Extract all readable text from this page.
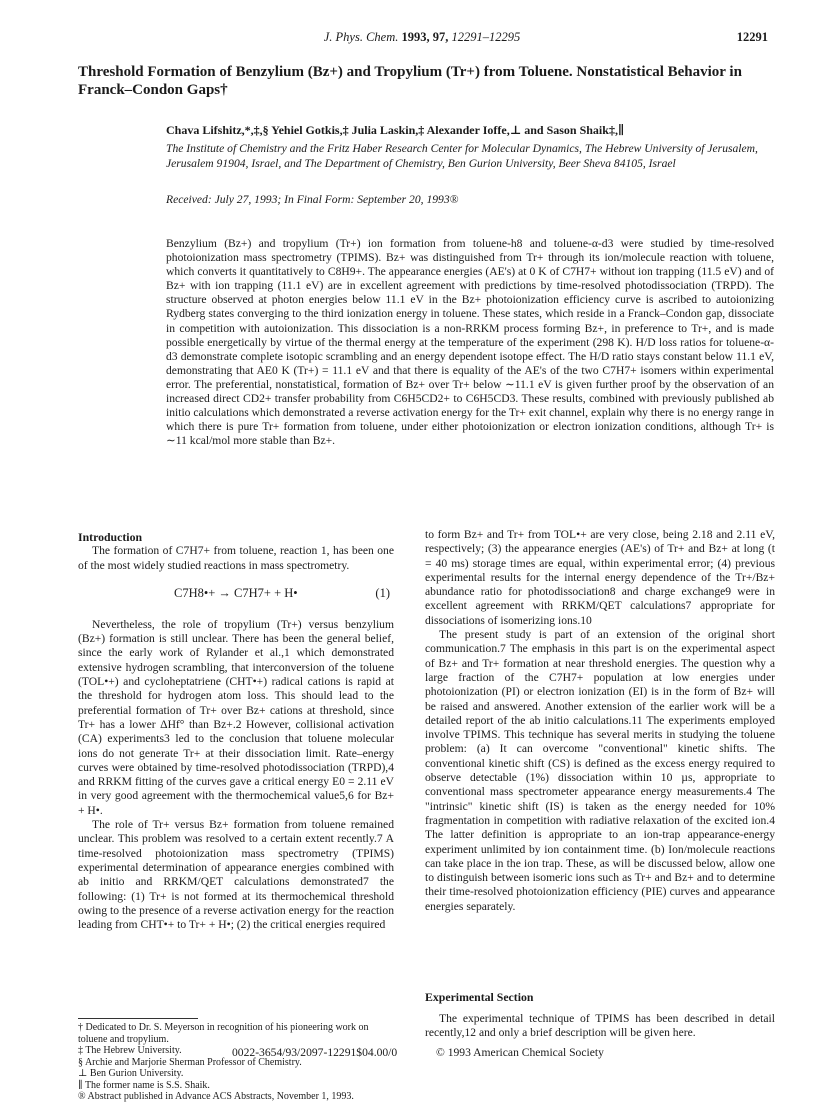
J. Phys. Chem. 1993, 97, 12291–12295	12291
Threshold Formation of Benzylium (Bz+) and Tropylium (Tr+) from Toluene. Nonstatistical Behavior in Franck–Condon Gaps†
Chava Lifshitz,*,‡,§ Yehiel Gotkis,‡ Julia Laskin,‡ Alexander Ioffe,⊥ and Sason Shaik‡,∥
The Institute of Chemistry and the Fritz Haber Research Center for Molecular Dynamics, The Hebrew University of Jerusalem, Jerusalem 91904, Israel, and The Department of Chemistry, Ben Gurion University, Beer Sheva 84105, Israel
Received: July 27, 1993; In Final Form: September 20, 1993®
Benzylium (Bz+) and tropylium (Tr+) ion formation from toluene-h8 and toluene-α-d3 were studied by time-resolved photoionization mass spectrometry (TPIMS). Bz+ was distinguished from Tr+ through its ion/molecule reaction with toluene, which converts it quantitatively to C8H9+. The appearance energies (AE's) at 0 K of C7H7+ without ion trapping (11.5 eV) and of Bz+ with ion trapping (11.1 eV) are in excellent agreement with predictions by time-resolved photodissociation (TRPD). The structure observed at photon energies below 11.1 eV in the Bz+ photoionization efficiency curve is ascribed to autoionizing Rydberg states converging to the third ionization energy in toluene. These states, which reside in a Franck–Condon gap, dissociate in competition with autoionization. This dissociation is a non-RRKM process forming Bz+, in preference to Tr+, and is made possible energetically by virtue of the thermal energy at the temperature of the experiment (298 K). H/D loss ratios for toluene-α-d3 demonstrate complete isotopic scrambling and an energy dependent isotope effect. The H/D ratio stays constant below 11.1 eV, demonstrating that AE0 K (Tr+) = 11.1 eV and that there is equality of the AE's of the two C7H7+ isomers within experimental error. The preferential, nonstatistical, formation of Bz+ over Tr+ below ∼11.1 eV is given further proof by the observation of an increased direct CD2+ transfer probability from C6H5CD2+ to C6H5CD3. These results, combined with previously published ab initio calculations which demonstrated a reverse activation energy for the Tr+ exit channel, explain why there is no energy range in which there is pure Tr+ formation from toluene, under either photoionization or electron ionization conditions, although Tr+ is ∼11 kcal/mol more stable than Bz+.

Introduction

The formation of C7H7+ from toluene, reaction 1, has been one of the most widely studied reactions in mass spectrometry.

C7H8•+ → C7H7+ + H•	(1)

Nevertheless, the role of tropylium (Tr+) versus benzylium (Bz+) formation is still unclear. There has been the general belief, since the early work of Rylander et al.,1 which demonstrated extensive hydrogen scrambling, that interconversion of the toluene (TOL•+) and cycloheptatriene (CHT•+) radical cations is rapid at the threshold for hydrogen atom loss. This should lead to the preferential formation of Tr+ over Bz+ cations at threshold, since Tr+ has a lower ΔHf° than Bz+.2 However, collisional activation (CA) experiments3 led to the conclusion that toluene molecular ions do not generate Tr+ at their dissociation limit. Rate–energy curves were obtained by time-resolved photodissociation (TRPD),4 and RRKM fitting of the curves gave a critical energy E0 = 2.11 eV in very good agreement with the thermochemical value5,6 for Bz+ + H•.

The role of Tr+ versus Bz+ formation from toluene remained unclear. This problem was resolved to a certain extent recently.7 A time-resolved photoionization mass spectrometry (TPIMS) experimental determination of appearance energies combined with ab initio and RRKM/QET calculations demonstrated7 the following: (1) Tr+ is not formed at its thermochemical threshold owing to the presence of a reverse activation energy for the reaction leading from CHT•+ to Tr+ + H•; (2) the critical energies required

† Dedicated to Dr. S. Meyerson in recognition of his pioneering work on toluene and tropylium.
‡ The Hebrew University.
§ Archie and Marjorie Sherman Professor of Chemistry.
⊥ Ben Gurion University.
∥ The former name is S.S. Shaik.
® Abstract published in Advance ACS Abstracts, November 1, 1993.

to form Bz+ and Tr+ from TOL•+ are very close, being 2.18 and 2.11 eV, respectively; (3) the appearance energies (AE's) of Tr+ and Bz+ at long (t = 40 ms) storage times are equal, within experimental error; (4) previous experimental results for the internal energy dependence of the Tr+/Bz+ abundance ratio for photodissociation8 and charge exchange9 were in excellent agreement with RRKM/QET calculations7 appropriate for dissociations of isomerizing ions.10

The present study is part of an extension of the original short communication.7 The emphasis in this part is on the experimental aspect of Bz+ and Tr+ formation at near threshold energies. The question why a large fraction of the C7H7+ population at low energies under photoionization (PI) or electron ionization (EI) is in the form of Bz+ will be raised and answered. Another extension of the earlier work will be a detailed report of the ab initio calculations.11 The experiments employed involve TPIMS. This technique has several merits in studying the toluene problem: (a) It can overcome "conventional" kinetic shifts. The conventional kinetic shift (CS) is defined as the excess energy required to observe detectable (1%) dissociation within 10 µs, appropriate to conventional mass spectrometer appearance energy measurements.4 The "intrinsic" kinetic shift (IS) is taken as the energy needed for 10% fragmentation in competition with radiative relaxation of the excited ion.4 The latter definition is appropriate to an ion-trap appearance-energy experiment unlimited by ion containment time. (b) Ion/molecule reactions can take place in the ion trap. These, as will be discussed below, allow one to distinguish between isomeric ions such as Tr+ and Bz+ and to determine their time-resolved photoionization efficiency (PIE) curves and appearance energies separately.

Experimental Section
The experimental technique of TPIMS has been described in detail recently,12 and only a brief description will be given here.
0022-3654/93/2097-12291$04.00/0	© 1993 American Chemical Society
